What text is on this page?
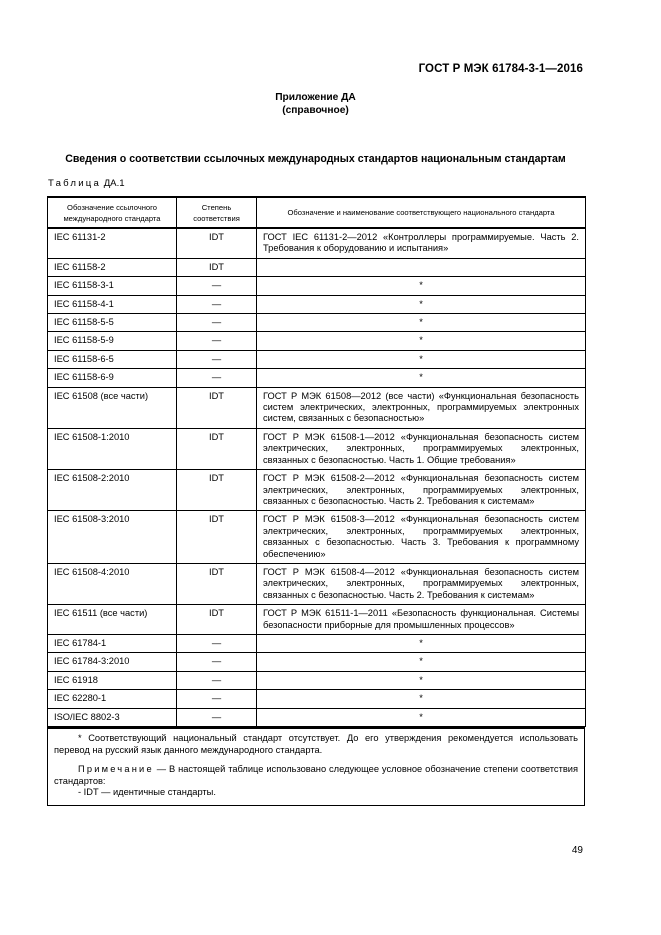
ГОСТ Р МЭК 61784-3-1—2016
Приложение ДА
(справочное)
Сведения о соответствии ссылочных международных стандартов национальным стандартам
Таблица ДА.1
Обозначение ссылочного международного стандарта	Степень соответствия	Обозначение и наименование соответствующего национального стандарта
IEC 61131-2	IDT	ГОСТ IEC 61131-2—2012 «Контроллеры программируемые. Часть 2. Требования к оборудованию и испытания»
IEC 61158-2	IDT	
IEC 61158-3-1	—	*
IEC 61158-4-1	—	*
IEC 61158-5-5	—	*
IEC 61158-5-9	—	*
IEC 61158-6-5	—	*
IEC 61158-6-9	—	*
IEC 61508 (все части)	IDT	ГОСТ Р МЭК 61508—2012 (все части) «Функциональная безопасность систем электрических, электронных, программируемых электронных систем, связанных с безопасностью»
IEC 61508-1:2010	IDT	ГОСТ Р МЭК 61508-1—2012 «Функциональная безопасность систем электрических, электронных, программируемых электронных, связанных с безопасностью. Часть 1. Общие требования»
IEC 61508-2:2010	IDT	ГОСТ Р МЭК 61508-2—2012 «Функциональная безопасность систем электрических, электронных, программируемых электронных, связанных с безопасностью. Часть 2. Требования к системам»
IEC 61508-3:2010	IDT	ГОСТ Р МЭК 61508-3—2012 «Функциональная безопасность систем электрических, электронных, программируемых электронных, связанных с безопасностью. Часть 3. Требования к программному обеспечению»
IEC 61508-4:2010	IDT	ГОСТ Р МЭК 61508-4—2012 «Функциональная безопасность систем электрических, электронных, программируемых электронных, связанных с безопасностью. Часть 2. Требования к системам»
IEC 61511 (все части)	IDT	ГОСТ Р МЭК 61511-1—2011 «Безопасность функциональная. Системы безопасности приборные для промышленных процессов»
IEC 61784-1	—	*
IEC 61784-3:2010	—	*
IEC 61918	—	*
IEC 62280-1	—	*
ISO/IEC 8802-3	—	*

* Соответствующий национальный стандарт отсутствует. До его утверждения рекомендуется использовать перевод на русский язык данного международного стандарта.

Примечание — В настоящей таблице использовано следующее условное обозначение степени соответствия стандартов:

- IDT — идентичные стандарты.

49
